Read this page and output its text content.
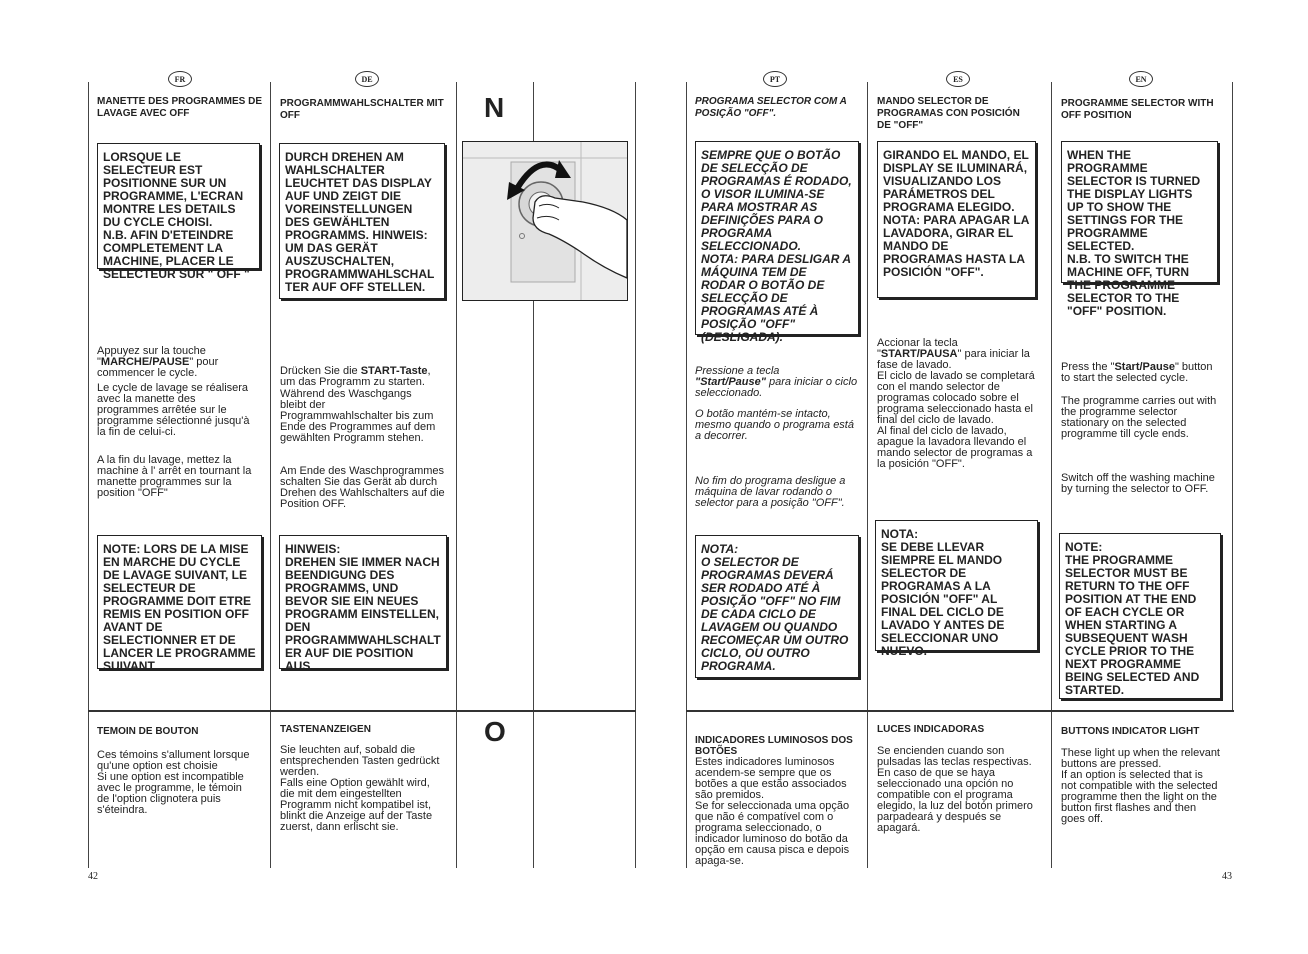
FR
MANETTE DES PROGRAMMES DE LAVAGE AVEC OFF
LORSQUE LE SELECTEUR EST POSITIONNE SUR UN PROGRAMME, L'ECRAN MONTRE LES DETAILS DU CYCLE CHOISI.
N.B. AFIN D'ETEINDRE COMPLETEMENT LA MACHINE, PLACER LE SELECTEUR SUR " OFF "

Appuyez sur la touche "MARCHE/PAUSE" pour commencer le cycle.

Le cycle de lavage se réalisera avec la manette des programmes arrêtée sur le programme sélectionné jusqu'à la fin de celui-ci.
A la fin du lavage, mettez la machine à l' arrêt en tournant la manette programmes sur la position "OFF"
NOTE: LORS DE LA MISE EN MARCHE DU CYCLE DE LAVAGE SUIVANT, LE SELECTEUR DE PROGRAMME DOIT ETRE REMIS EN POSITION OFF AVANT DE SELECTIONNER ET DE LANCER LE PROGRAMME SUIVANT.
TEMOIN DE BOUTON
Ces témoins s'allument lorsque qu'une option est choisie
Si une option est incompatible avec le programme, le témoin de l'option clignotera puis s'éteindra.
DE
PROGRAMMWAHLSCHALTER MIT OFF
DURCH DREHEN AM WAHLSCHALTER LEUCHTET DAS DISPLAY AUF UND ZEIGT DIE VOREINSTELLUNGEN DES GEWÄHLTEN PROGRAMMS. HINWEIS: UM DAS GERÄT AUSZUSCHALTEN, PROGRAMMWAHLSCHAL TER AUF OFF STELLEN.

Drücken Sie die START-Taste, um das Programm zu starten.

Während des Waschgangs bleibt der Programmwahlschalter bis zum Ende des Programmes auf dem gewählten Programm stehen.
Am Ende des Waschprogrammes schalten Sie das Gerät ab durch Drehen des Wahlschalters auf die Position OFF.
HINWEIS:
DREHEN SIE IMMER NACH BEENDIGUNG DES PROGRAMMS, UND BEVOR SIE EIN NEUES PROGRAMM EINSTELLEN, DEN PROGRAMMWAHLSCHALT ER AUF DIE POSITION AUS.
TASTENANZEIGEN
Sie leuchten auf, sobald die entsprechenden Tasten gedrückt werden.
Falls eine Option gewählt wird, die mit dem eingestellten Programm nicht kompatibel ist, blinkt die Anzeige auf der Taste zuerst, dann erlischt sie.
N
O
PT
PROGRAMA SELECTOR COM A POSIÇÃO "OFF".
SEMPRE QUE O BOTÃO DE SELECÇÃO DE PROGRAMAS É RODADO, O VISOR ILUMINA-SE PARA MOSTRAR AS DEFINIÇÕES PARA O PROGRAMA SELECCIONADO.
NOTA: PARA DESLIGAR A MÁQUINA TEM DE RODAR O BOTÃO DE SELECÇÃO DE PROGRAMAS ATÉ À POSIÇÃO "OFF" (DESLIGADA).

Pressione a tecla
"Start/Pause" para iniciar o ciclo seleccionado.

O botão mantém-se intacto, mesmo quando o programa está a decorrer.
No fim do programa desligue a máquina de lavar rodando o selector para a posição "OFF".
NOTA:
O SELECTOR DE PROGRAMAS DEVERÁ SER RODADO ATÉ À POSIÇÃO "OFF" NO FIM DE CADA CICLO DE LAVAGEM OU QUANDO RECOMEÇAR UM OUTRO CICLO, OU OUTRO PROGRAMA.

INDICADORES LUMINOSOS DOS BOTÕES
Estes indicadores luminosos acendem-se sempre que os botões a que estão associados são premidos.
Se for seleccionada uma opção que não é compatível com o programa seleccionado, o indicador luminoso do botão da opção em causa pisca e depois apaga-se.

ES
MANDO SELECTOR DE PROGRAMAS CON POSICIÓN DE "OFF"
GIRANDO EL MANDO, EL DISPLAY SE ILUMINARÁ, VISUALIZANDO LOS PARÁMETROS DEL PROGRAMA ELEGIDO.
NOTA: PARA APAGAR LA LAVADORA, GIRAR EL MANDO DE PROGRAMAS HASTA LA POSICIÓN "OFF".

Accionar la tecla
"START/PAUSA" para iniciar la fase de lavado.

El ciclo de lavado se completará con el mando selector de programas colocado sobre el programa seleccionado hasta el final del ciclo de lavado.
Al final del ciclo de lavado, apague la lavadora llevando el mando selector de programas a la posición "OFF".
NOTA:
SE DEBE LLEVAR SIEMPRE EL MANDO SELECTOR DE PROGRAMAS A LA POSICIÓN "OFF" AL FINAL DEL CICLO DE LAVADO Y ANTES DE SELECCIONAR UNO NUEVO.
LUCES INDICADORAS
Se encienden cuando son pulsadas las teclas respectivas.
En caso de que se haya seleccionado una opción no compatible con el programa elegido, la luz del botón primero parpadeará y después se apagará.
EN
PROGRAMME SELECTOR WITH OFF POSITION
WHEN THE PROGRAMME SELECTOR IS TURNED THE DISPLAY LIGHTS UP TO SHOW THE SETTINGS FOR THE PROGRAMME SELECTED.
N.B. TO SWITCH THE MACHINE OFF, TURN THE PROGRAMME SELECTOR TO THE "OFF" POSITION.

Press the "Start/Pause" button to start the selected cycle.

The programme carries out with the programme selector stationary on the selected programme till cycle ends.
Switch off the washing machine by turning the selector to OFF.
NOTE:
THE PROGRAMME SELECTOR MUST BE RETURN TO THE OFF POSITION AT THE END OF EACH CYCLE OR WHEN STARTING A SUBSEQUENT WASH CYCLE PRIOR TO THE NEXT PROGRAMME BEING SELECTED AND STARTED.
BUTTONS INDICATOR LIGHT
These light up when the relevant buttons are pressed.
If an option is selected that is not compatible with the selected programme then the light on the button first flashes and then goes off.
42	43
